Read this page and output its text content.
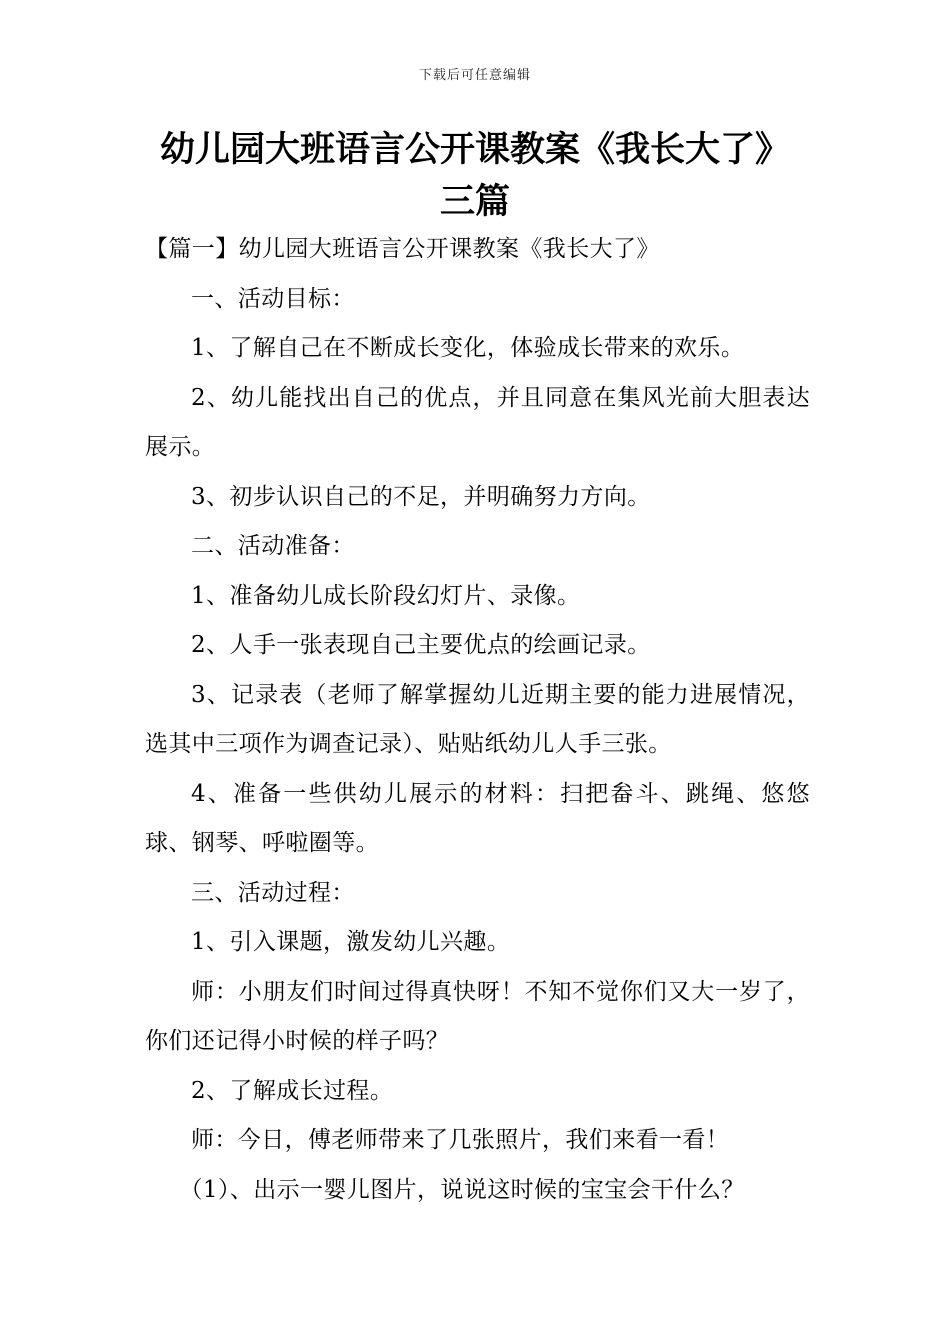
下载后可任意编辑
幼儿园大班语言公开课教案《我长大了》
三篇

【篇一】幼儿园大班语言公开课教案《我长大了》

一、活动目标：

1、了解自己在不断成长变化，体验成长带来的欢乐。

2、幼儿能找出自己的优点，并且同意在集风光前大胆表达展示。

3、初步认识自己的不足，并明确努力方向。

二、活动准备：

1、准备幼儿成长阶段幻灯片、录像。

2、人手一张表现自己主要优点的绘画记录。

3、记录表（老师了解掌握幼儿近期主要的能力进展情况，选其中三项作为调查记录）、贴贴纸幼儿人手三张。

4、准备一些供幼儿展示的材料：扫把畚斗、跳绳、悠悠球、钢琴、呼啦圈等。

三、活动过程：

1、引入课题，激发幼儿兴趣。

师：小朋友们时间过得真快呀！不知不觉你们又大一岁了，你们还记得小时候的样子吗？

2、了解成长过程。

师：今日，傅老师带来了几张照片，我们来看一看！

（1）、出示一婴儿图片，说说这时候的宝宝会干什么？
